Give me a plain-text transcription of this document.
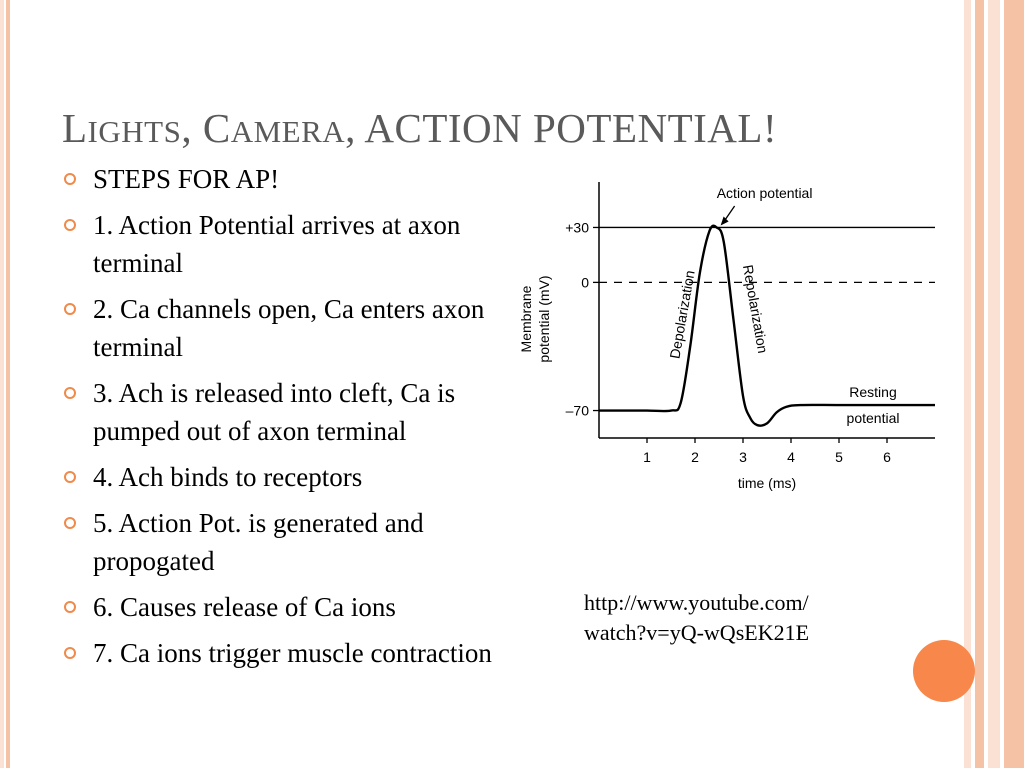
LIGHTS, CAMERA, ACTION POTENTIAL!
STEPS FOR AP!
1. Action Potential arrives at axon terminal
2. Ca channels open, Ca enters axon terminal
3. Ach is released into cleft, Ca is pumped out of axon terminal
4. Ach binds to receptors
5. Action Pot. is generated and propogated
6. Causes release of Ca ions
7. Ca ions trigger muscle contraction
+30
0
–70
1	2	3	4	5	6
time (ms)
Membrane potential (mV)
Action potential
Depolarization	Repolarization
Resting
potential
http://www.youtube.com/
watch?v=yQ-wQsEK21E
